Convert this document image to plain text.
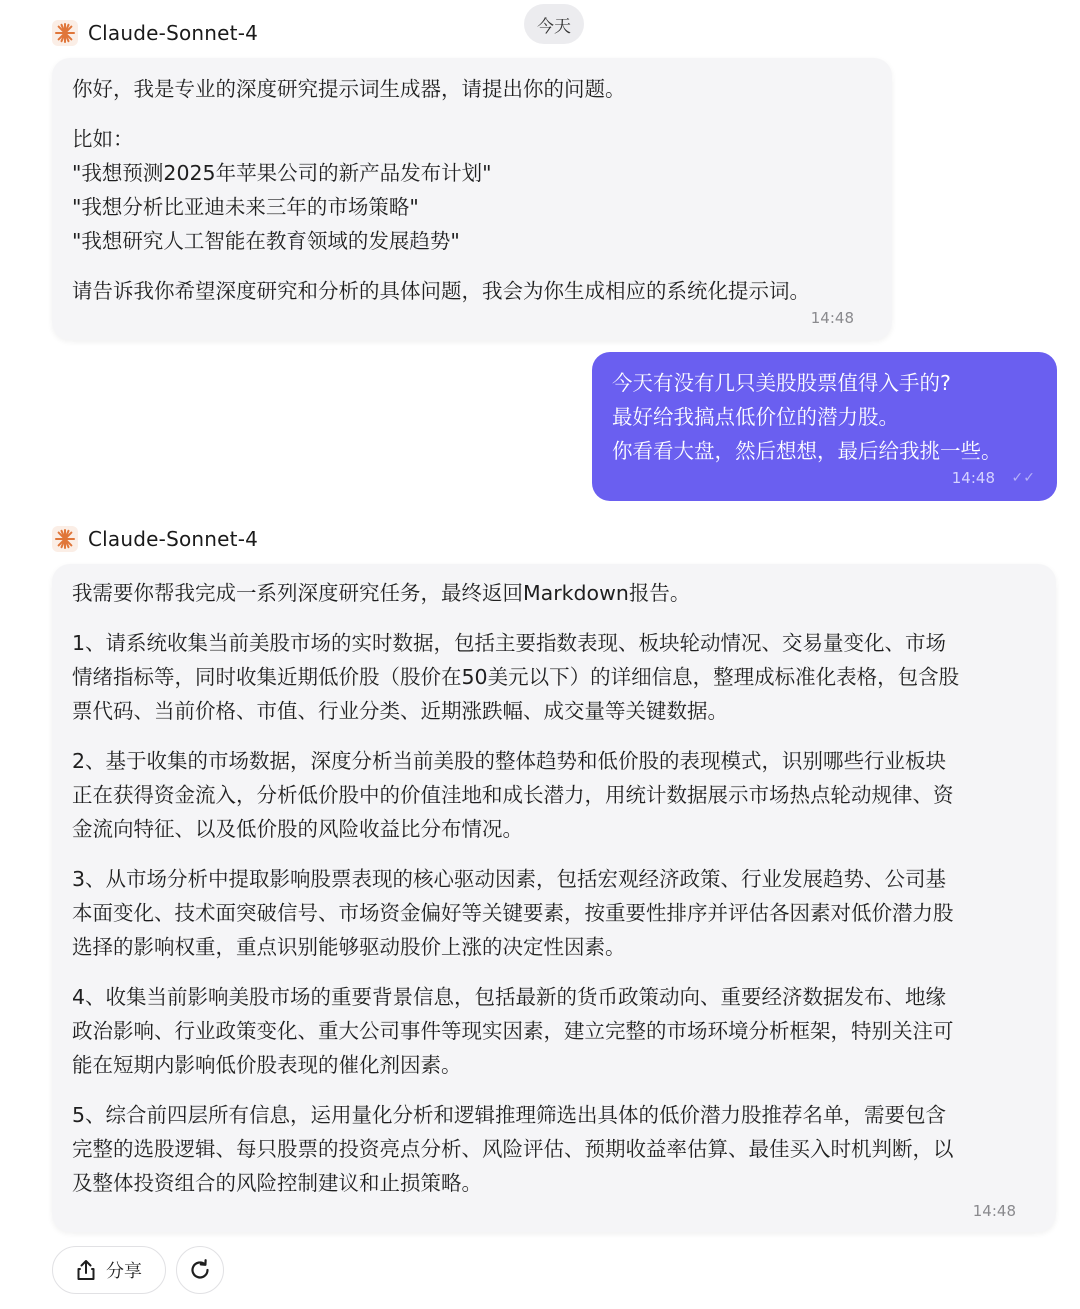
今天
Claude-Sonnet-4
你好，我是专业的深度研究提示词生成器，请提出你的问题。
比如：
"我想预测2025年苹果公司的新产品发布计划"
"我想分析比亚迪未来三年的市场策略"
"我想研究人工智能在教育领域的发展趋势"
请告诉我你希望深度研究和分析的具体问题，我会为你生成相应的系统化提示词。
14:48
今天有没有几只美股股票值得入手的?
最好给我搞点低价位的潜力股。
你看看大盘，然后想想，最后给我挑一些。
14:48 ✓✓
Claude-Sonnet-4
我需要你帮我完成一系列深度研究任务，最终返回Markdown报告。
1、请系统收集当前美股市场的实时数据，包括主要指数表现、板块轮动情况、交易量变化、市场
情绪指标等，同时收集近期低价股（股价在50美元以下）的详细信息，整理成标准化表格，包含股
票代码、当前价格、市值、行业分类、近期涨跌幅、成交量等关键数据。
2、基于收集的市场数据，深度分析当前美股的整体趋势和低价股的表现模式，识别哪些行业板块
正在获得资金流入，分析低价股中的价值洼地和成长潜力，用统计数据展示市场热点轮动规律、资
金流向特征、以及低价股的风险收益比分布情况。
3、从市场分析中提取影响股票表现的核心驱动因素，包括宏观经济政策、行业发展趋势、公司基
本面变化、技术面突破信号、市场资金偏好等关键要素，按重要性排序并评估各因素对低价潜力股
选择的影响权重，重点识别能够驱动股价上涨的决定性因素。
4、收集当前影响美股市场的重要背景信息，包括最新的货币政策动向、重要经济数据发布、地缘
政治影响、行业政策变化、重大公司事件等现实因素，建立完整的市场环境分析框架，特别关注可
能在短期内影响低价股表现的催化剂因素。
5、综合前四层所有信息，运用量化分析和逻辑推理筛选出具体的低价潜力股推荐名单，需要包含
完整的选股逻辑、每只股票的投资亮点分析、风险评估、预期收益率估算、最佳买入时机判断，以
及整体投资组合的风险控制建议和止损策略。
14:48
分享
